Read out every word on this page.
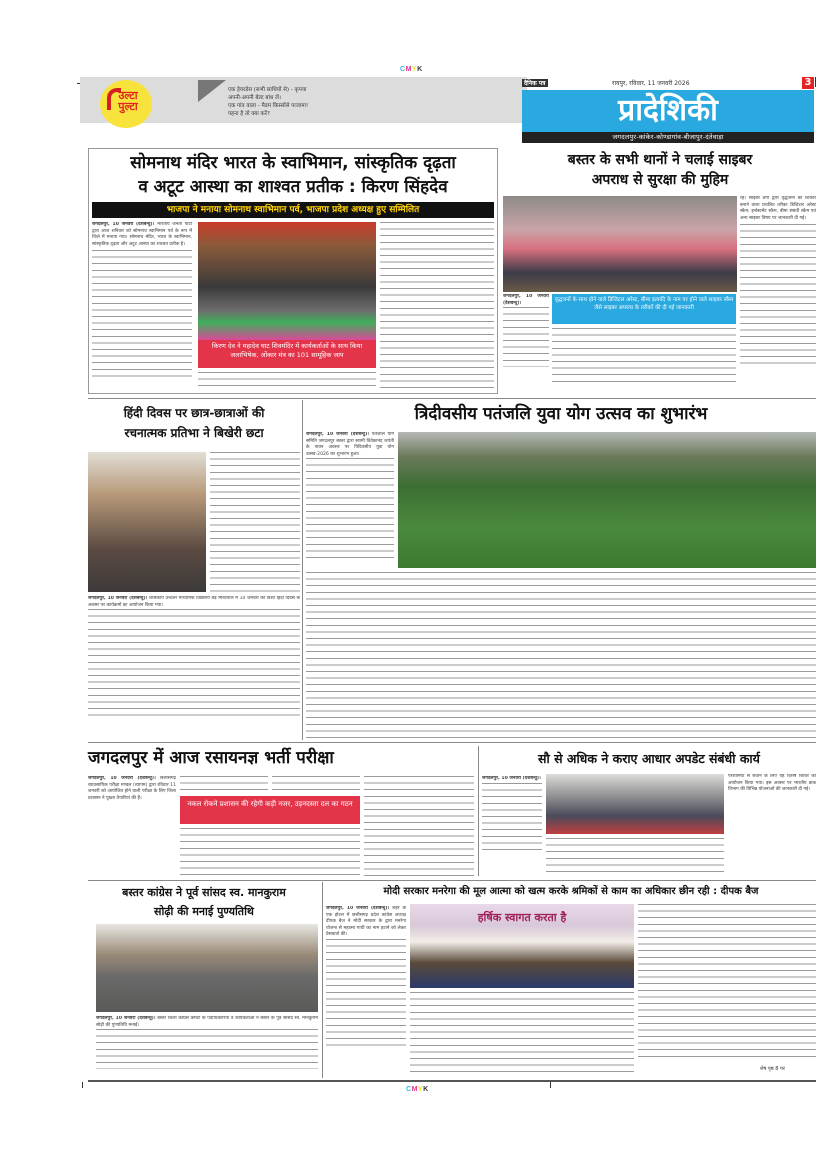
CMYK
उल्टा पुल्टा
एक हेयरडेस (सभी साथियों से) - कृपया
अपनी-अपनी बेल्ट बांध लें।
एक गांव वाला - मैडम किस्सोंसे पाजामा!
पहना है तो क्या करें?
दैनिक पत्र	रायपुर, रविवार, 11 जनवरी 2026	3
प्रादेशिकी
जगदलपुर-कांकेर-कोण्डागांव-बीजापुर-दंतेवाड़ा
सोमनाथ मंदिर भारत के स्वाभिमान, सांस्कृतिक दृढ़ता
व अटूट आस्था का शाश्वत प्रतीक : किरण सिंहदेव
भाजपा ने मनाया सोमनाथ स्वाभिमान पर्व, भाजपा प्रदेश अध्यक्ष हुए सम्मिलित
जगदलपुर, 10 जनवरी (देशबन्धु)। भारतीय जनता पार्टी द्वारा आज शनिवार को सोमनाथ स्वाभिमान पर्व के रूप में जिले में मनाया गया। सोमनाथ मंदिर, भारत के स्वाभिमान, सांस्कृतिक दृढ़ता और अटूट आस्था का शाश्वत प्रतीक है।
किरण देव ने महादेव घाट शिवमंदिर में कार्यकर्ताओं के साथ किया जलाभिषेक, ओंकार मंत्र का 101 सामूहिक जाप
बस्तर के सभी थानों ने चलाई साइबर
अपराध से सुरक्षा की मुहिम
रहे। साइबर ठगों द्वारा वृद्धजनों को शिकार बनाने वाला प्रचलित तरीका डिजिटल अरेस्ट स्कैम, इन्वेस्टमेंट स्कैम, बीमा संबंधी स्कैम एवं अन्य साइबर विषय पर जानकारी दी गई।
जगदलपुर, 10 जनवरी (देशबन्धु)।
वृद्धजनों के साथ होने वाले डिजिटल अरेस्ट, बीमा इत्यादि के नाम पर होने वाले साइबर स्कैम जैसे साइबर अपराध के तरीकों की दी गई जानकारी
हिंदी दिवस पर छात्र-छात्राओं की
रचनात्मक प्रतिभा ने बिखेरी छटा
जगदलपुर, 10 जनवरी (देशबन्धु)। शासकीय उच्चतर माध्यमिक विद्यालय बड़े मोरठपाल में 10 जनवरी को विश्व हिंदी दिवस के अवसर पर कार्यक्रमों का आयोजन किया गया।
त्रिदीवसीय पतंजलि युवा योग उत्सव का शुभारंभ
जगदलपुर, 10 जनवरी (देशबन्धु)। पतंजलि योग समिति जगदलपुर बस्तर द्वारा स्वामी विवेकानंद जयंती के पावन अवसर पर त्रिदिवसीय युवा योग उत्सव-2026 का शुभारंभ हुआ।
जगदलपुर में आज रसायनज्ञ भर्ती परीक्षा
जगदलपुर, 10 जनवरी (देशबन्धु)। छत्तीसगढ़ व्यावसायिक परीक्षा मण्डल (व्यापम) द्वारा रविवार 11 जनवरी को आयोजित होने वाली परीक्षा के लिए जिला प्रशासन ने पुख्ता तैयारियां की हैं।
नकल रोकने प्रशासन की रहेगी कड़ी नजर, उड़नदस्ता दल का गठन
सौ से अधिक ने कराए आधार अपडेट संबंधी कार्य
जगदलपुर, 10 जनवरी (देशबन्धु)।	परेशानियों से बचाने के लिए यह विशेष शिविर का आयोजन किया गया। इस अवसर पर भारतीय डाक विभाग की विभिन्न योजनाओं की जानकारी दी गई।
बस्तर कांग्रेस ने पूर्व सांसद स्व. मानकुराम
सोढ़ी की मनाई पुण्यतिथि
जगदलपुर, 10 जनवरी (देशबन्धु)। बस्तर जिला कांग्रेस कमेटी के पदाधिकारियों व कार्यकर्ताओं ने बस्तर के पूर्व सांसद स्व. मानकुराम सोढ़ी की पुण्यतिथि मनाई।
मोदी सरकार मनरेगा की मूल आत्मा को खत्म करके श्रमिकों से काम का अधिकार छीन रही : दीपक बैज
जगदलपुर, 10 जनवरी (देशबन्धु)। शहर के एक होटल में छत्तीसगढ़ प्रदेश कांग्रेस अध्यक्ष दीपक बैज ने मोदी सरकार के द्वारा मनरेगा योजना से महात्मा गांधी का नाम हटाने को लेकर प्रेसवार्ता की।
हर्षिक स्वागत करता है
शेष पृष्ठ 8 पर
CMYK
